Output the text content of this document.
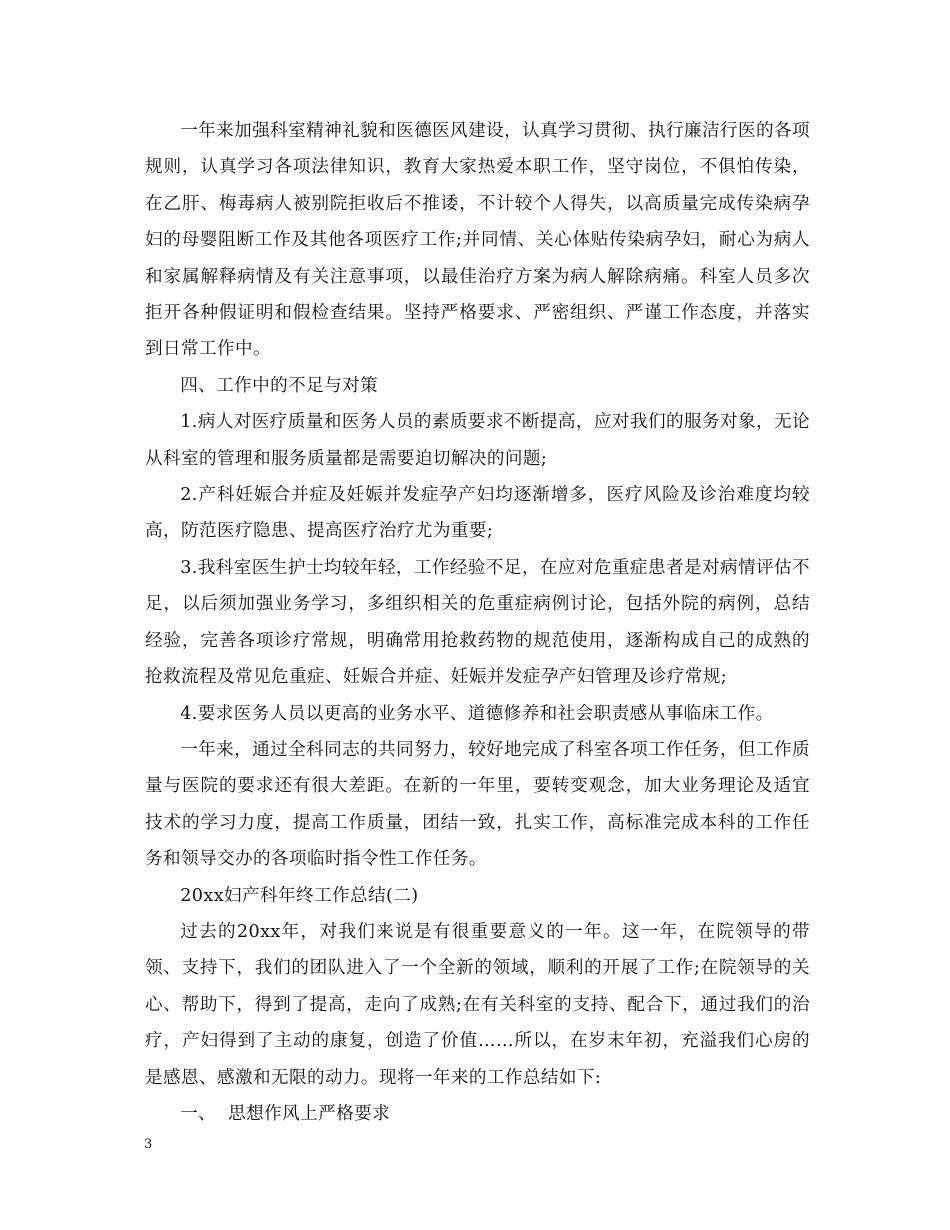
一年来加强科室精神礼貌和医德医风建设，认真学习贯彻、执行廉洁行医的各项规则，认真学习各项法律知识，教育大家热爱本职工作，坚守岗位，不俱怕传染，在乙肝、梅毒病人被别院拒收后不推诿，不计较个人得失，以高质量完成传染病孕妇的母婴阻断工作及其他各项医疗工作;并同情、关心体贴传染病孕妇，耐心为病人和家属解释病情及有关注意事项，以最佳治疗方案为病人解除病痛。科室人员多次拒开各种假证明和假检查结果。坚持严格要求、严密组织、严谨工作态度，并落实到日常工作中。

四、工作中的不足与对策

1.病人对医疗质量和医务人员的素质要求不断提高，应对我们的服务对象，无论从科室的管理和服务质量都是需要迫切解决的问题;

2.产科妊娠合并症及妊娠并发症孕产妇均逐渐增多，医疗风险及诊治难度均较高，防范医疗隐患、提高医疗治疗尤为重要;

3.我科室医生护士均较年轻，工作经验不足，在应对危重症患者是对病情评估不足，以后须加强业务学习，多组织相关的危重症病例讨论，包括外院的病例，总结经验，完善各项诊疗常规，明确常用抢救药物的规范使用，逐渐构成自己的成熟的抢救流程及常见危重症、妊娠合并症、妊娠并发症孕产妇管理及诊疗常规;

4.要求医务人员以更高的业务水平、道德修养和社会职责感从事临床工作。

一年来，通过全科同志的共同努力，较好地完成了科室各项工作任务，但工作质量与医院的要求还有很大差距。在新的一年里，要转变观念，加大业务理论及适宜技术的学习力度，提高工作质量，团结一致，扎实工作，高标准完成本科的工作任务和领导交办的各项临时指令性工作任务。

20xx妇产科年终工作总结(二)

过去的20xx年，对我们来说是有很重要意义的一年。这一年，在院领导的带领、支持下，我们的团队进入了一个全新的领域，顺利的开展了工作;在院领导的关心、帮助下，得到了提高，走向了成熟;在有关科室的支持、配合下，通过我们的治疗，产妇得到了主动的康复，创造了价值……所以，在岁末年初，充溢我们心房的是感恩、感激和无限的动力。现将一年来的工作总结如下:

一、  思想作风上严格要求

3
